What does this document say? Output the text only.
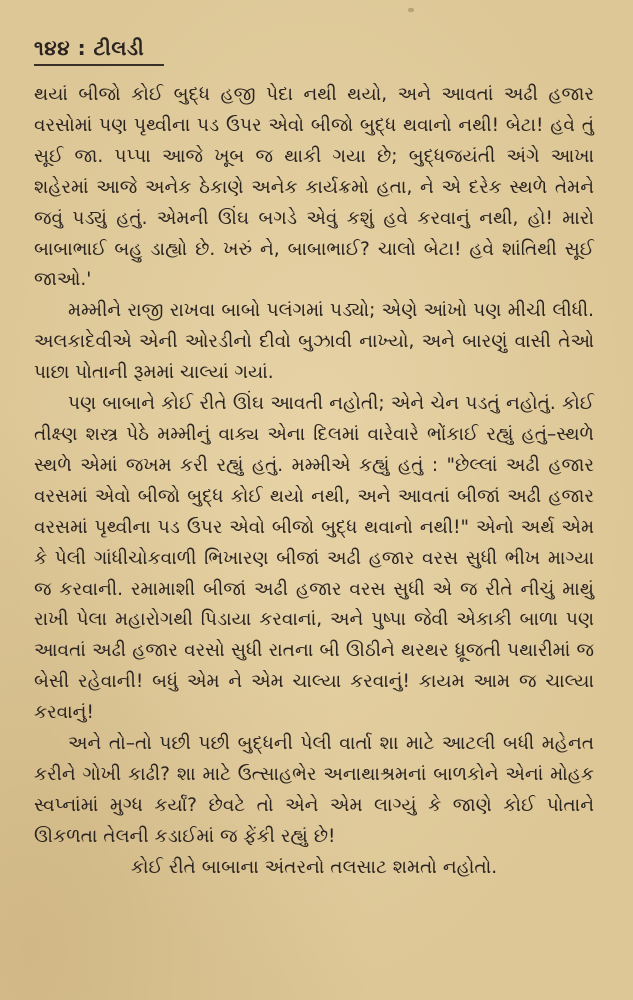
૧૪૪ : ટીલડી

થયાં બીજો કોઈ બુદ્ધ હજી પેદા નથી થયો, અને આવતાં અઢી હજાર વરસોમાં પણ પૃથ્વીના પડ ઉપર એવો બીજો બુદ્ધ થવાનો નથી! બેટા! હવે તું સૂઈ જા. પપ્પા આજે ખૂબ જ થાકી ગયા છે; બુદ્ધજયંતી અંગે આખા શહેરમાં આજે અનેક ઠેકાણે અનેક કાર્યક્રમો હતા, ને એ દરેક સ્થળે તેમને જવું પડ્યું હતું. એમની ઊંઘ બગડે એવું કશું હવે કરવાનું નથી, હો! મારો બાબાભાઈ બહુ ડાહ્યો છે. ખરું ને, બાબાભાઈ? ચાલો બેટા! હવે શાંતિથી સૂઈ જાઓ.'

મમ્મીને રાજી રાખવા બાબો પલંગમાં પડ્યો; એણે આંખો પણ મીચી લીધી. અલકાદેવીએ એની ઓરડીનો દીવો બુઝાવી નાખ્યો, અને બારણું વાસી તેઓ પાછા પોતાની રૂમમાં ચાલ્યાં ગયાં.

પણ બાબાને કોઈ રીતે ઊંઘ આવતી નહોતી; એને ચેન પડતું નહોતું. કોઈ તીક્ષ્ણ શસ્ત્ર પેઠે મમ્મીનું વાક્ય એના દિલમાં વારેવારે ભોંકાઈ રહ્યું હતું–સ્થળે સ્થળે એમાં જખમ કરી રહ્યું હતું. મમ્મીએ કહ્યું હતું : "છેલ્લાં અઢી હજાર વરસમાં એવો બીજો બુદ્ધ કોઈ થયો નથી, અને આવતાં બીજાં અઢી હજાર વરસમાં પૃથ્વીના પડ ઉપર એવો બીજો બુદ્ધ થવાનો નથી!" એનો અર્થ એમ કે પેલી ગાંધીચોકવાળી ભિખારણ બીજાં અઢી હજાર વરસ સુધી ભીખ માગ્યા જ કરવાની. રમામાશી બીજાં અઢી હજાર વરસ સુધી એ જ રીતે નીચું માથું રાખી પેલા મહારોગથી પિડાયા કરવાનાં, અને પુષ્પા જેવી એકાકી બાળા પણ આવતાં અઢી હજાર વરસો સુધી રાતના બી ઊઠીને થરથર ધ્રૂજતી પથારીમાં જ બેસી રહેવાની! બધું એમ ને એમ ચાલ્યા કરવાનું! કાયમ આમ જ ચાલ્યા કરવાનું!

અને તો–તો પછી પછી બુદ્ધની પેલી વાર્તા શા માટે આટલી બધી મહેનત કરીને ગોખી કાઢી? શા માટે ઉત્સાહભેર અનાથાશ્રમનાં બાળકોને એનાં મોહક સ્વપ્નાંમાં મુગ્ધ કર્યાં? છેવટે તો એને એમ લાગ્યું કે જાણે કોઈ પોતાને ઊકળતા તેલની કડાઈમાં જ ફેંકી રહ્યું છે!

કોઈ રીતે બાબાના અંતરનો તલસાટ શમતો નહોતો.
